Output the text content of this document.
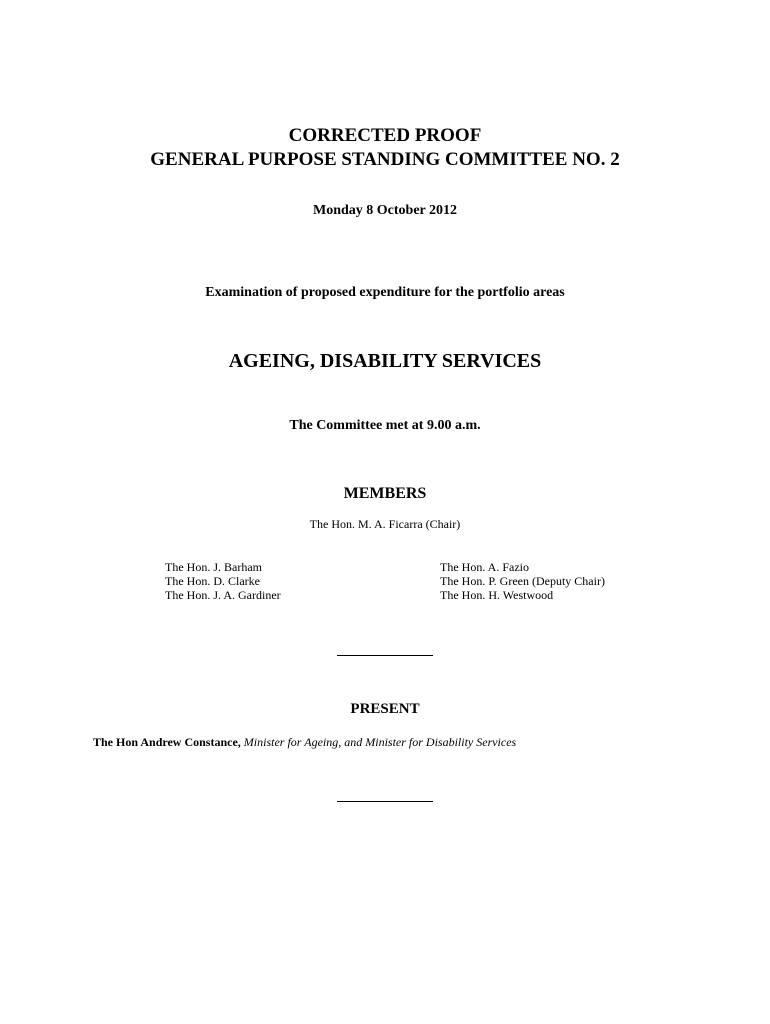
CORRECTED PROOF
GENERAL PURPOSE STANDING COMMITTEE NO. 2
Monday 8 October 2012
Examination of proposed expenditure for the portfolio areas
AGEING, DISABILITY SERVICES
The Committee met at 9.00 a.m.
MEMBERS
The Hon. M. A. Ficarra (Chair)
The Hon. J. Barham
The Hon. D. Clarke
The Hon. J. A. Gardiner
The Hon. A. Fazio
The Hon. P. Green (Deputy Chair)
The Hon. H. Westwood
PRESENT
The Hon Andrew Constance, Minister for Ageing, and Minister for Disability Services
